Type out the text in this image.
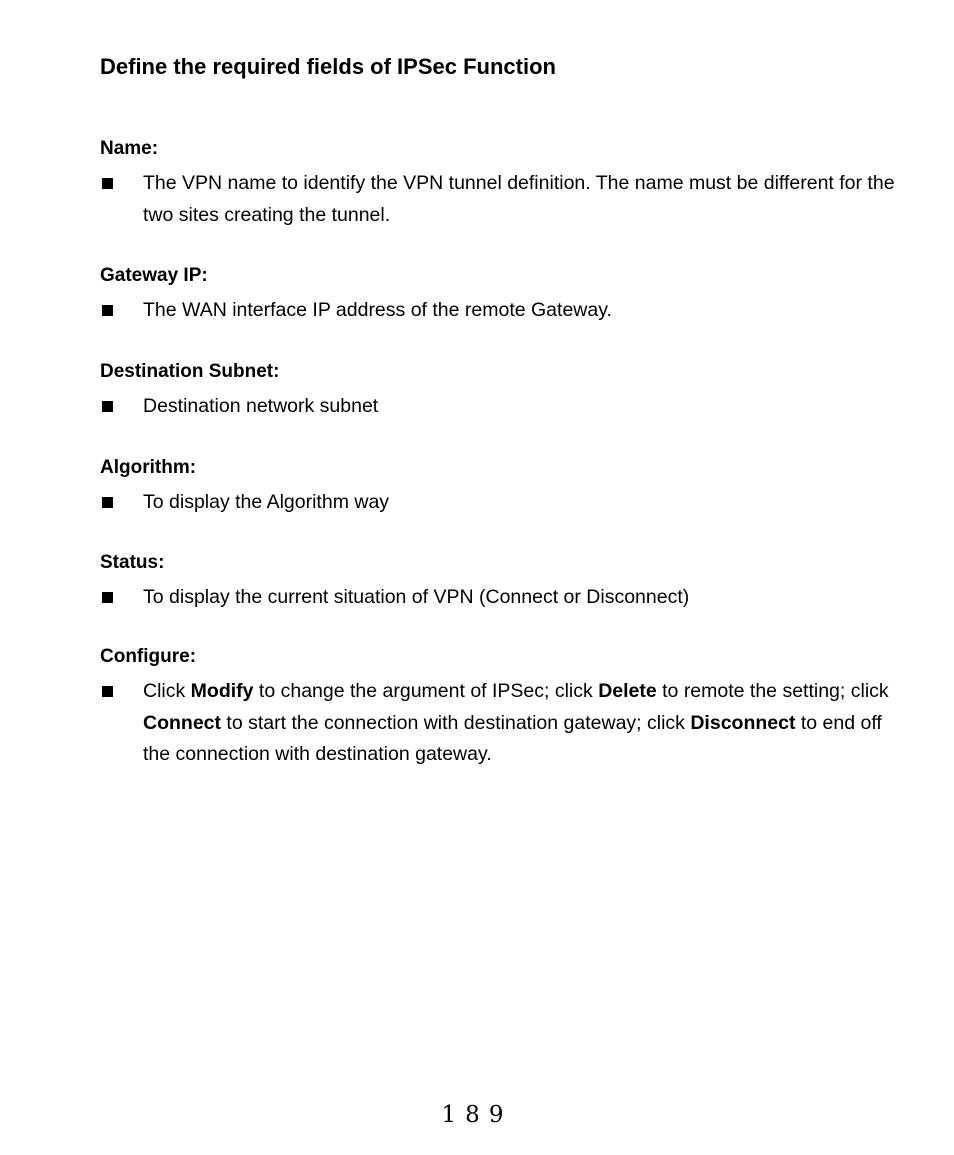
Define the required fields of IPSec Function
Name:
The VPN name to identify the VPN tunnel definition. The name must be different for the two sites creating the tunnel.
Gateway IP:
The WAN interface IP address of the remote Gateway.
Destination Subnet:
Destination network subnet
Algorithm:
To display the Algorithm way
Status:
To display the current situation of VPN (Connect or Disconnect)
Configure:
Click Modify to change the argument of IPSec; click Delete to remote the setting; click Connect to start the connection with destination gateway; click Disconnect to end off the connection with destination gateway.
189
